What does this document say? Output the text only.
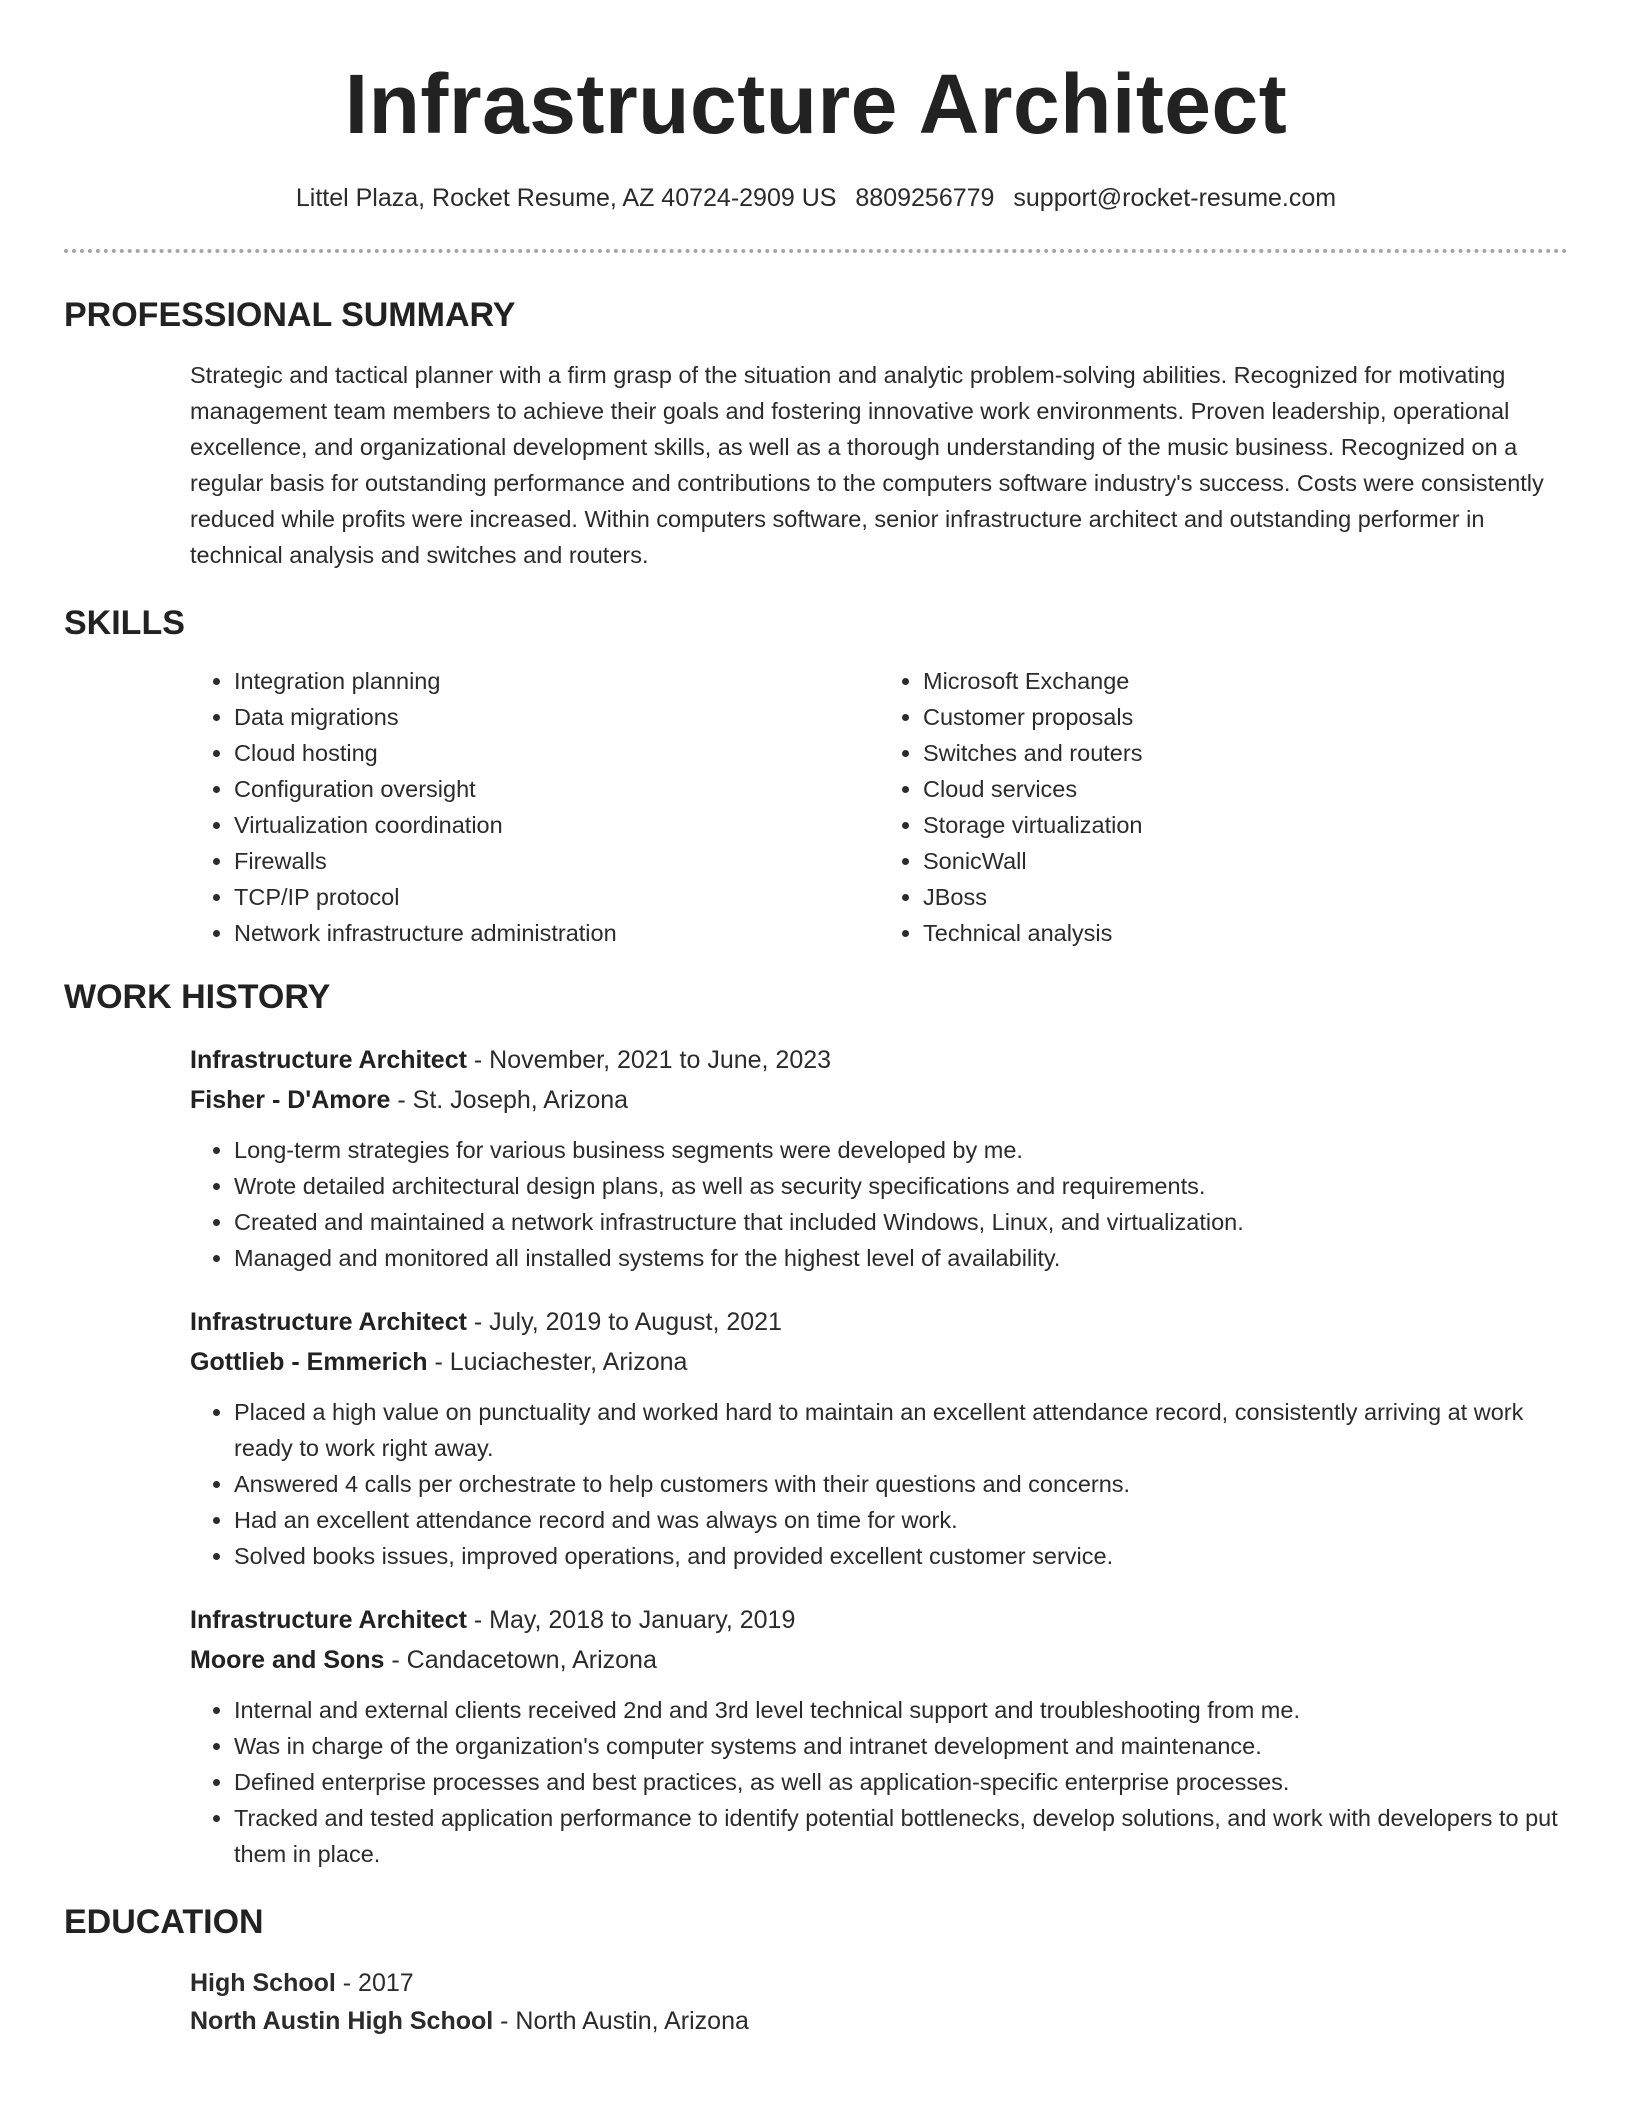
Infrastructure Architect
Littel Plaza, Rocket Resume, AZ 40724-2909 US 8809256779 support@rocket-resume.com
PROFESSIONAL SUMMARY
Strategic and tactical planner with a firm grasp of the situation and analytic problem-solving abilities. Recognized for motivating management team members to achieve their goals and fostering innovative work environments. Proven leadership, operational excellence, and organizational development skills, as well as a thorough understanding of the music business. Recognized on a regular basis for outstanding performance and contributions to the computers software industry's success. Costs were consistently reduced while profits were increased. Within computers software, senior infrastructure architect and outstanding performer in technical analysis and switches and routers.
SKILLS
• Integration planning
• Data migrations
• Cloud hosting
• Configuration oversight
• Virtualization coordination
• Firewalls
• TCP/IP protocol
• Network infrastructure administration
• Microsoft Exchange
• Customer proposals
• Switches and routers
• Cloud services
• Storage virtualization
• SonicWall
• JBoss
• Technical analysis
WORK HISTORY
Infrastructure Architect - November, 2021 to June, 2023
Fisher - D'Amore - St. Joseph, Arizona
• Long-term strategies for various business segments were developed by me.
• Wrote detailed architectural design plans, as well as security specifications and requirements.
• Created and maintained a network infrastructure that included Windows, Linux, and virtualization.
• Managed and monitored all installed systems for the highest level of availability.
Infrastructure Architect - July, 2019 to August, 2021
Gottlieb - Emmerich - Luciachester, Arizona
• Placed a high value on punctuality and worked hard to maintain an excellent attendance record, consistently arriving at work ready to work right away.
• Answered 4 calls per orchestrate to help customers with their questions and concerns.
• Had an excellent attendance record and was always on time for work.
• Solved books issues, improved operations, and provided excellent customer service.
Infrastructure Architect - May, 2018 to January, 2019
Moore and Sons - Candacetown, Arizona
• Internal and external clients received 2nd and 3rd level technical support and troubleshooting from me.
• Was in charge of the organization's computer systems and intranet development and maintenance.
• Defined enterprise processes and best practices, as well as application-specific enterprise processes.
• Tracked and tested application performance to identify potential bottlenecks, develop solutions, and work with developers to put them in place.
EDUCATION
High School - 2017
North Austin High School - North Austin, Arizona
